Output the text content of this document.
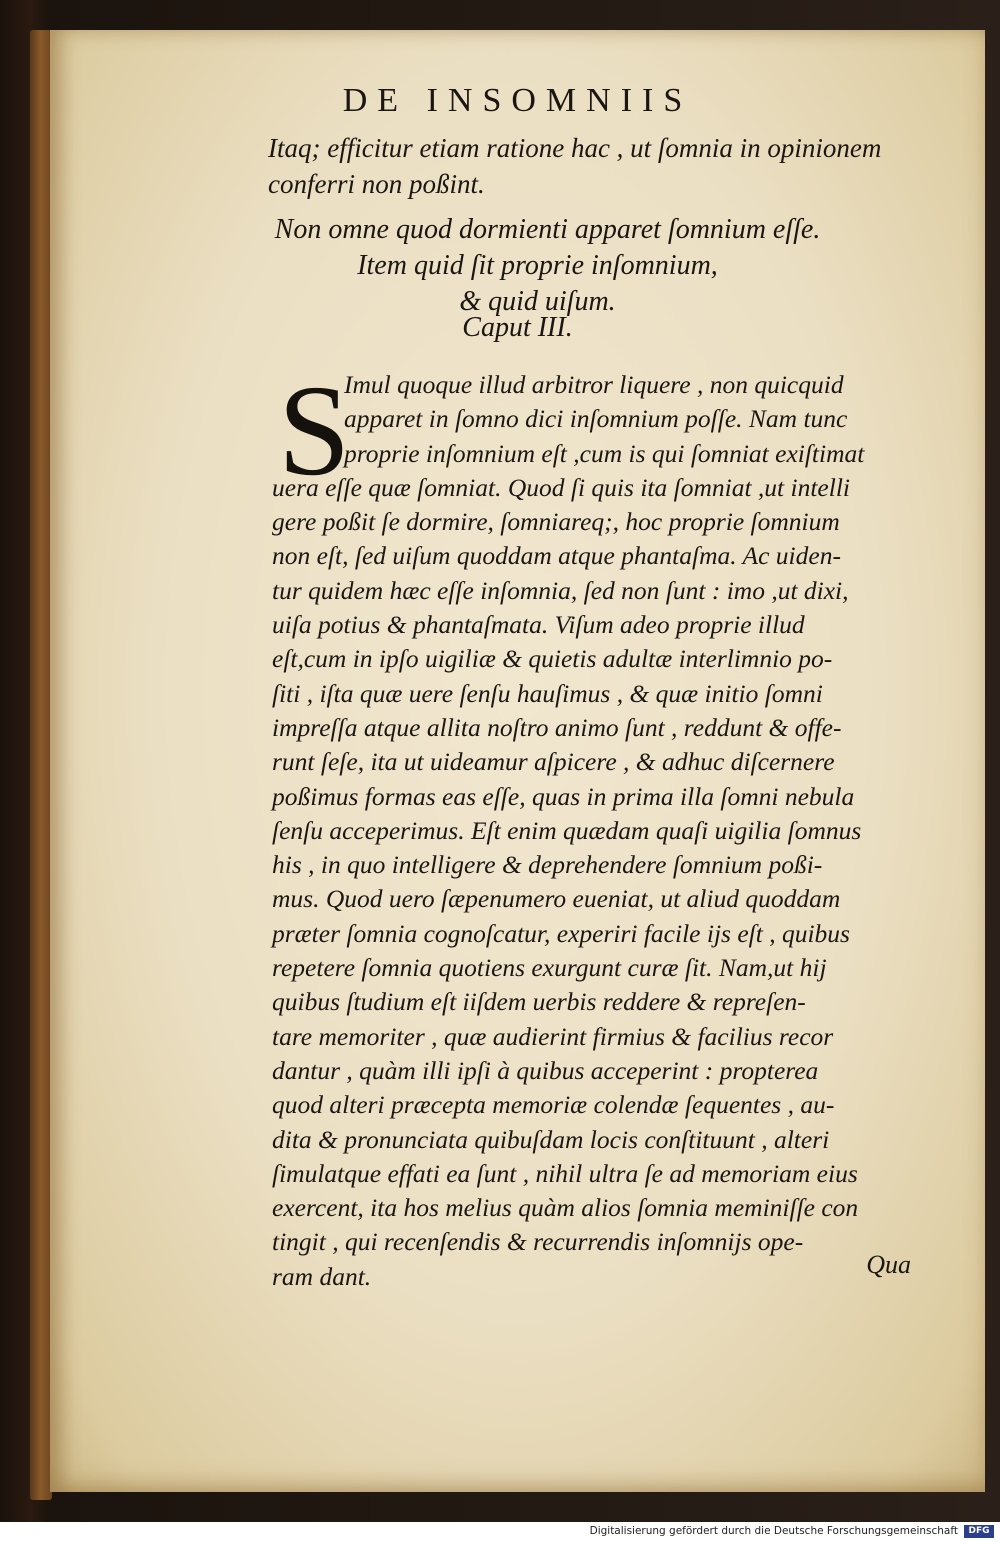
DE INSOMNIIS
Itaq; efficitur etiam ratione hac , ut ſomnia in opinionem
conferri non poßint.
Non omne quod dormienti apparet ſomnium eſſe.
Item quid ſit proprie inſomnium,
& quid uiſum.
Caput III.
S
Imul quoque illud arbitror liquere , non quicquid
apparet in ſomno dici inſomnium poſſe. Nam tunc
proprie inſomnium eſt ,cum is qui ſomniat exiſtimat
uera eſſe quæ ſomniat. Quod ſi quis ita ſomniat ,ut intelli
gere poßit ſe dormire, ſomniareq;, hoc proprie ſomnium
non eſt, ſed uiſum quoddam atque phantaſma. Ac uiden-
tur quidem hæc eſſe inſomnia, ſed non ſunt : imo ,ut dixi,
uiſa potius & phantaſmata. Viſum adeo proprie illud
eſt,cum in ipſo uigiliæ & quietis adultæ interlimnio po-
ſiti , iſta quæ uere ſenſu hauſimus , & quæ initio ſomni
impreſſa atque allita noſtro animo ſunt , reddunt & offe-
runt ſeſe, ita ut uideamur aſpicere , & adhuc diſcernere
poßimus formas eas eſſe, quas in prima illa ſomni nebula
ſenſu acceperimus. Eſt enim quædam quaſi uigilia ſomnus
his , in quo intelligere & deprehendere ſomnium poßi-
mus. Quod uero ſæpenumero eueniat, ut aliud quoddam
præter ſomnia cognoſcatur, experiri facile ijs eſt , quibus
repetere ſomnia quotiens exurgunt curæ ſit. Nam,ut hij
quibus ſtudium eſt iiſdem uerbis reddere & repreſen-
tare memoriter , quæ audierint firmius & facilius recor
dantur , quàm illi ipſi à quibus acceperint : propterea
quod alteri præcepta memoriæ colendæ ſequentes , au-
dita & pronunciata quibuſdam locis conſtituunt , alteri
ſimulatque effati ea ſunt , nihil ultra ſe ad memoriam eius
exercent, ita hos melius quàm alios ſomnia meminiſſe con
tingit , qui recenſendis & recurrendis inſomnijs ope-
ram dant.	Qua
Digitalisierung gefördert durch die Deutsche Forschungsgemeinschaft	DFG
